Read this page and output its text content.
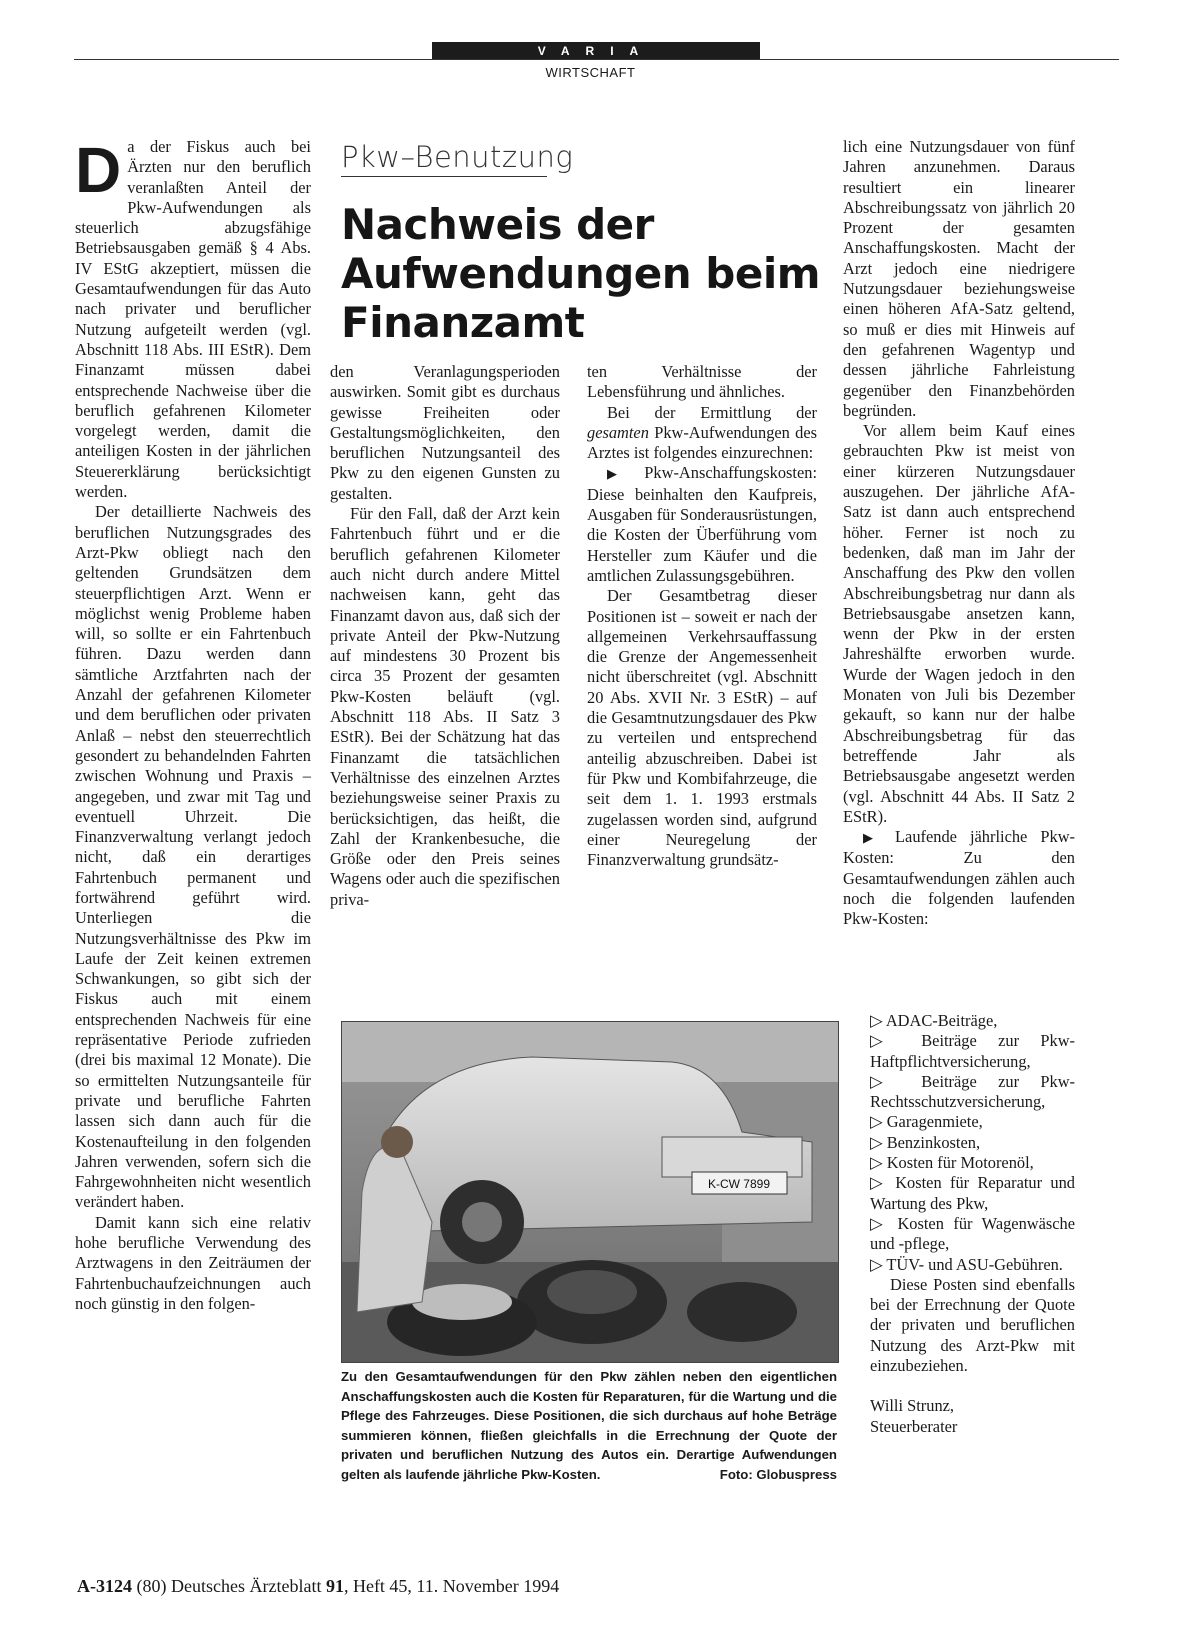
VARIA
WIRTSCHAFT

Da der Fiskus auch bei Ärzten nur den beruflich veranlaßten Anteil der Pkw-Aufwendungen als steuerlich abzugsfähige Betriebsausgaben gemäß § 4 Abs. IV EStG akzeptiert, müssen die Gesamtaufwendungen für das Auto nach privater und beruflicher Nutzung aufgeteilt werden (vgl. Abschnitt 118 Abs. III EStR). Dem Finanzamt müssen dabei entsprechende Nachweise über die beruflich gefahrenen Kilometer vorgelegt werden, damit die anteiligen Kosten in der jährlichen Steuererklärung berücksichtigt werden.

Der detaillierte Nachweis des beruflichen Nutzungsgrades des Arzt-Pkw obliegt nach den geltenden Grundsätzen dem steuerpflichtigen Arzt. Wenn er möglichst wenig Probleme haben will, so sollte er ein Fahrtenbuch führen. Dazu werden dann sämtliche Arztfahrten nach der Anzahl der gefahrenen Kilometer und dem beruflichen oder privaten Anlaß – nebst den steuerrechtlich gesondert zu behandelnden Fahrten zwischen Wohnung und Praxis – angegeben, und zwar mit Tag und eventuell Uhrzeit. Die Finanzverwaltung verlangt jedoch nicht, daß ein derartiges Fahrtenbuch permanent und fortwährend geführt wird. Unterliegen die Nutzungsverhältnisse des Pkw im Laufe der Zeit keinen extremen Schwankungen, so gibt sich der Fiskus auch mit einem entsprechenden Nachweis für eine repräsentative Periode zufrieden (drei bis maximal 12 Monate). Die so ermittelten Nutzungsanteile für private und berufliche Fahrten lassen sich dann auch für die Kostenaufteilung in den folgenden Jahren verwenden, sofern sich die Fahrgewohnheiten nicht wesentlich verändert haben.

Damit kann sich eine relativ hohe berufliche Verwendung des Arztwagens in den Zeiträumen der Fahrtenbuchaufzeichnungen auch noch günstig in den folgen-

Pkw–Benutzung
Nachweis der Aufwendungen beim Finanzamt

den Veranlagungsperioden auswirken. Somit gibt es durchaus gewisse Freiheiten oder Gestaltungsmöglichkeiten, den beruflichen Nutzungsanteil des Pkw zu den eigenen Gunsten zu gestalten.

Für den Fall, daß der Arzt kein Fahrtenbuch führt und er die beruflich gefahrenen Kilometer auch nicht durch andere Mittel nachweisen kann, geht das Finanzamt davon aus, daß sich der private Anteil der Pkw-Nutzung auf mindestens 30 Prozent bis circa 35 Prozent der gesamten Pkw-Kosten beläuft (vgl. Abschnitt 118 Abs. II Satz 3 EStR). Bei der Schätzung hat das Finanzamt die tatsächlichen Verhältnisse des einzelnen Arztes beziehungsweise seiner Praxis zu berücksichtigen, das heißt, die Zahl der Krankenbesuche, die Größe oder den Preis seines Wagens oder auch die spezifischen priva-

ten Verhältnisse der Lebensführung und ähnliches.

Bei der Ermittlung der gesamten Pkw-Aufwendungen des Arztes ist folgendes einzurechnen:

▶ Pkw-Anschaffungskosten: Diese beinhalten den Kaufpreis, Ausgaben für Sonderausrüstungen, die Kosten der Überführung vom Hersteller zum Käufer und die amtlichen Zulassungsgebühren.

Der Gesamtbetrag dieser Positionen ist – soweit er nach der allgemeinen Verkehrsauffassung die Grenze der Angemessenheit nicht überschreitet (vgl. Abschnitt 20 Abs. XVII Nr. 3 EStR) – auf die Gesamtnutzungsdauer des Pkw zu verteilen und entsprechend anteilig abzuschreiben. Dabei ist für Pkw und Kombifahrzeuge, die seit dem 1. 1. 1993 erstmals zugelassen worden sind, aufgrund einer Neuregelung der Finanzverwaltung grundsätz-

lich eine Nutzungsdauer von fünf Jahren anzunehmen. Daraus resultiert ein linearer Abschreibungssatz von jährlich 20 Prozent der gesamten Anschaffungskosten. Macht der Arzt jedoch eine niedrigere Nutzungsdauer beziehungsweise einen höheren AfA-Satz geltend, so muß er dies mit Hinweis auf den gefahrenen Wagentyp und dessen jährliche Fahrleistung gegenüber den Finanzbehörden begründen.

Vor allem beim Kauf eines gebrauchten Pkw ist meist von einer kürzeren Nutzungsdauer auszugehen. Der jährliche AfA-Satz ist dann auch entsprechend höher. Ferner ist noch zu bedenken, daß man im Jahr der Anschaffung des Pkw den vollen Abschreibungsbetrag nur dann als Betriebsausgabe ansetzen kann, wenn der Pkw in der ersten Jahreshälfte erworben wurde. Wurde der Wagen jedoch in den Monaten von Juli bis Dezember gekauft, so kann nur der halbe Abschreibungsbetrag für das betreffende Jahr als Betriebsausgabe angesetzt werden (vgl. Abschnitt 44 Abs. II Satz 2 EStR).

▶ Laufende jährliche Pkw-Kosten: Zu den Gesamtaufwendungen zählen auch noch die folgenden laufenden Pkw-Kosten:

▷ ADAC-Beiträge,

▷ Beiträge zur Pkw-Haftpflichtversicherung,

▷ Beiträge zur Pkw-Rechtsschutzversicherung,

▷ Garagenmiete,

▷ Benzinkosten,

▷ Kosten für Motorenöl,

▷ Kosten für Reparatur und Wartung des Pkw,

▷ Kosten für Wagenwäsche und -pflege,

▷ TÜV- und ASU-Gebühren.

Diese Posten sind ebenfalls bei der Errechnung der Quote der privaten und beruflichen Nutzung des Arzt-Pkw mit einzubeziehen.

Willi Strunz,

Steuerberater

K-CW 7899
Zu den Gesamtaufwendungen für den Pkw zählen neben den eigentlichen Anschaffungskosten auch die Kosten für Reparaturen, für die Wartung und die Pflege des Fahrzeuges. Diese Positionen, die sich durchaus auf hohe Beträge summieren können, fließen gleichfalls in die Errechnung der Quote der privaten und beruflichen Nutzung des Autos ein. Derartige Aufwendungen gelten als laufende jährliche Pkw-Kosten.	Foto: Globuspress
A-3124 (80) Deutsches Ärzteblatt 91, Heft 45, 11. November 1994
